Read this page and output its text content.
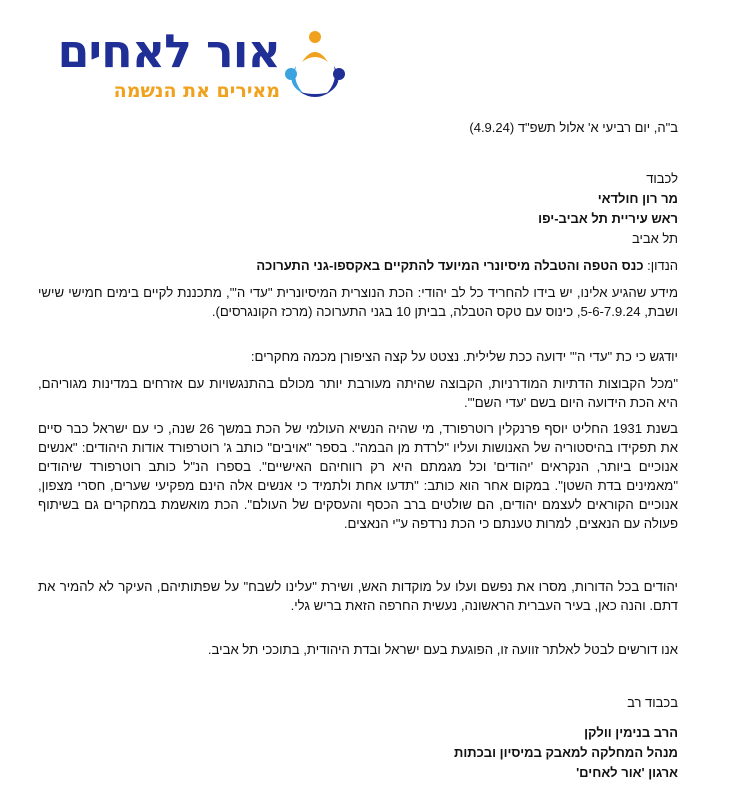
אור לאחים
מאירים את הנשמה
ב"ה, יום רביעי א' אלול תשפ"ד (4.9.24)
לכבוד
מר רון חולדאי
ראש עיריית תל אביב-יפו
תל אביב
הנדון: כנס הטפה והטבלה מיסיונרי המיועד להתקיים באקספו-גני התערוכה
מידע שהגיע אלינו, יש בידו להחריד כל לב יהודי: הכת הנוצרית המיסיונרית "עדי ה'", מתכננת לקיים בימים חמישי שישי ושבת, 5-6-7.9.24, כינוס עם טקס הטבלה, בביתן 10 בגני התערוכה (מרכז הקונגרסים).
יודגש כי כת "עדי ה'" ידועה ככת שלילית. נצטט על קצה הציפורן מכמה מחקרים:
"מכל הקבוצות הדתיות המודרניות, הקבוצה שהיתה מעורבת יותר מכולם בהתנגשויות עם אזרחים במדינות מגוריהם, היא הכת הידועה היום בשם 'עדי השם'".
בשנת 1931 החליט יוסף פרנקלין רוטרפורד, מי שהיה הנשיא העולמי של הכת במשך 26 שנה, כי עם ישראל כבר סיים את תפקידו בהיסטוריה של האנושות ועליו "לרדת מן הבמה". בספר "אויבים" כותב ג' רוטרפורד אודות היהודים: "אנשים אנוכיים ביותר, הנקראים 'יהודים' וכל מגמתם היא רק רווחיהם האישיים". בספרו הנ"ל כותב רוטרפורד שיהודים "מאמינים בדת השטן". במקום אחר הוא כותב: "תדעו אחת ולתמיד כי אנשים אלה הינם מפקיעי שערים, חסרי מצפון, אנוכיים הקוראים לעצמם יהודים, הם שולטים ברב הכסף והעסקים של העולם". הכת מואשמת במחקרים גם בשיתוף פעולה עם הנאצים, למרות טענתם כי הכת נרדפה ע"י הנאצים.
יהודים בכל הדורות, מסרו את נפשם ועלו על מוקדות האש, ושירת "עלינו לשבח" על שפתותיהם, העיקר לא להמיר את דתם. והנה כאן, בעיר העברית הראשונה, נעשית החרפה הזאת בריש גלי.
אנו דורשים לבטל לאלתר זוועה זו, הפוגעת בעם ישראל ובדת היהודית, בתוככי תל אביב.
בכבוד רב
הרב בנימין וולקן
מנהל המחלקה למאבק במיסיון ובכתות
ארגון 'אור לאחים'
